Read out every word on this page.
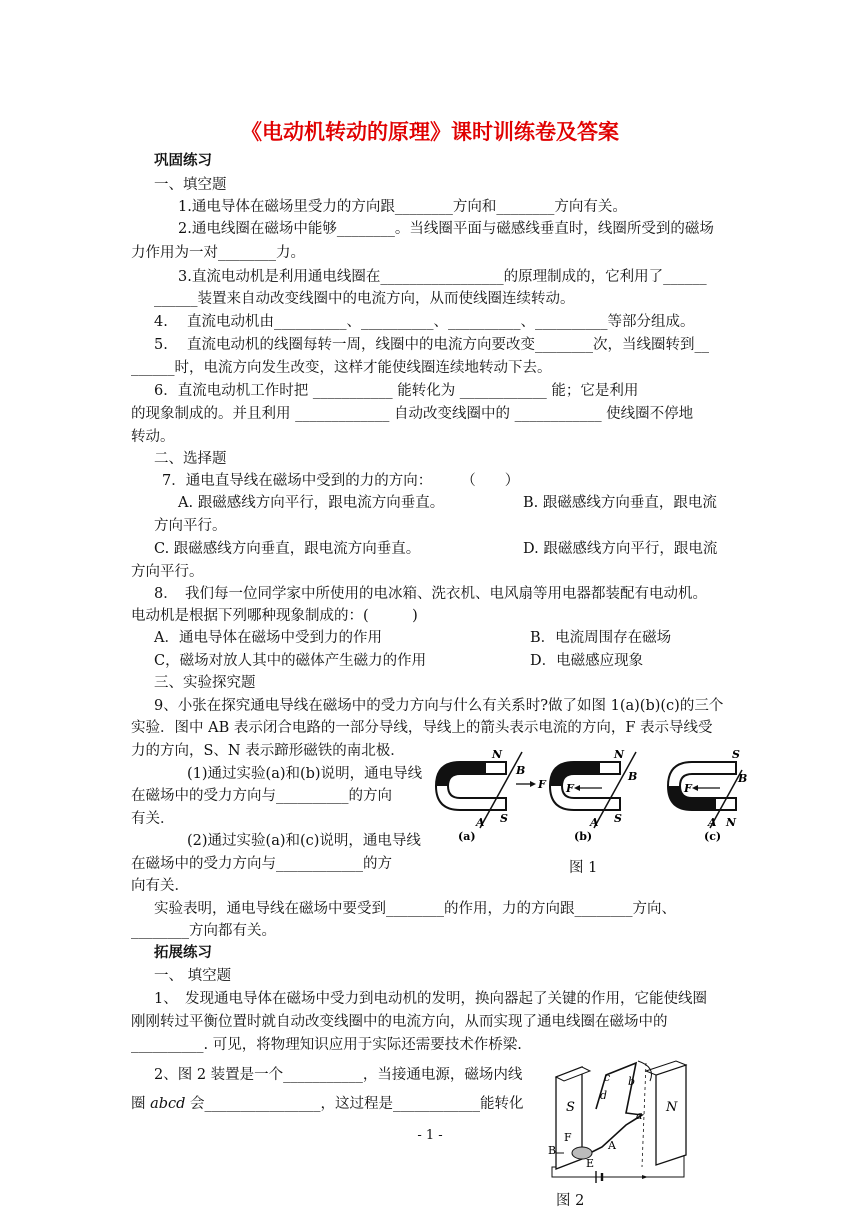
《电动机转动的原理》课时训练卷及答案
巩固练习
一、填空题
1.通电导体在磁场里受力的方向跟________方向和________方向有关。
2.通电线圈在磁场中能够________。当线圈平面与磁感线垂直时，线圈所受到的磁场
力作用为一对________力。
3.直流电动机是利用通电线圈在_________________的原理制成的，它利用了______
______装置来自动改变线圈中的电流方向，从而使线圈连续转动。
4.　 直流电动机由__________、__________、__________、__________等部分组成。
5.　 直流电动机的线圈每转一周，线圈中的电流方向要改变________次，当线圈转到__
______时，电流方向发生改变，这样才能使线圈连续地转动下去。
6．直流电动机工作时把 ___________ 能转化为 ____________ 能；它是利用
的现象制成的。并且利用 _____________ 自动改变线圈中的 ____________ 使线圈不停地
转动。
二、选择题
7．通电直导线在磁场中受到的力的方向：　　　（　　）
A. 跟磁感线方向平行，跟电流方向垂直。	B. 跟磁感线方向垂直，跟电流
方向平行。
C. 跟磁感线方向垂直，跟电流方向垂直。	D. 跟磁感线方向平行，跟电流
方向平行。
8．　我们每一位同学家中所使用的电冰箱、洗衣机、电风扇等用电器都装配有电动机。
电动机是根据下列哪种现象制成的：(　　　)
A．通电导体在磁场中受到力的作用	B．电流周围存在磁场
C，磁场对放人其中的磁体产生磁力的作用	D．电磁感应现象
三、实验探究题
9、小张在探究通电导线在磁场中的受力方向与什么有关系时?做了如图 1(a)(b)(c)的三个
实验．图中 AB 表示闭合电路的一部分导线，导线上的箭头表示电流的方向，F 表示导线受
力的方向，S、N 表示蹄形磁铁的南北极．
(1)通过实验(a)和(b)说明，通电导线
在磁场中的受力方向与__________的方向
有关．
(2)通过实验(a)和(c)说明，通电导线
在磁场中的受力方向与____________的方
向有关．
实验表明，通电导线在磁场中要受到________的作用，力的方向跟________方向、
________方向都有关。
拓展练习
一、 填空题
1、　发现通电导体在磁场中受力到电动机的发明，换向器起了关键的作用，它能使线圈
刚刚转过平衡位置时就自动改变线圈中的电流方向，从而实现了通电线圈在磁场中的
__________. 可见，将物理知识应用于实际还需要技术作桥梁.
2、图 2 装置是一个___________，当接通电源，磁场内线
圈 abcd 会________________，这过程是____________能转化
N
B
F
A S
(a)
N
B
F
A S
(b)
S
B
F
A N
(c)
图 1
S	N
c
d
b
a
F
A
B
E
图 2
- 1 -
